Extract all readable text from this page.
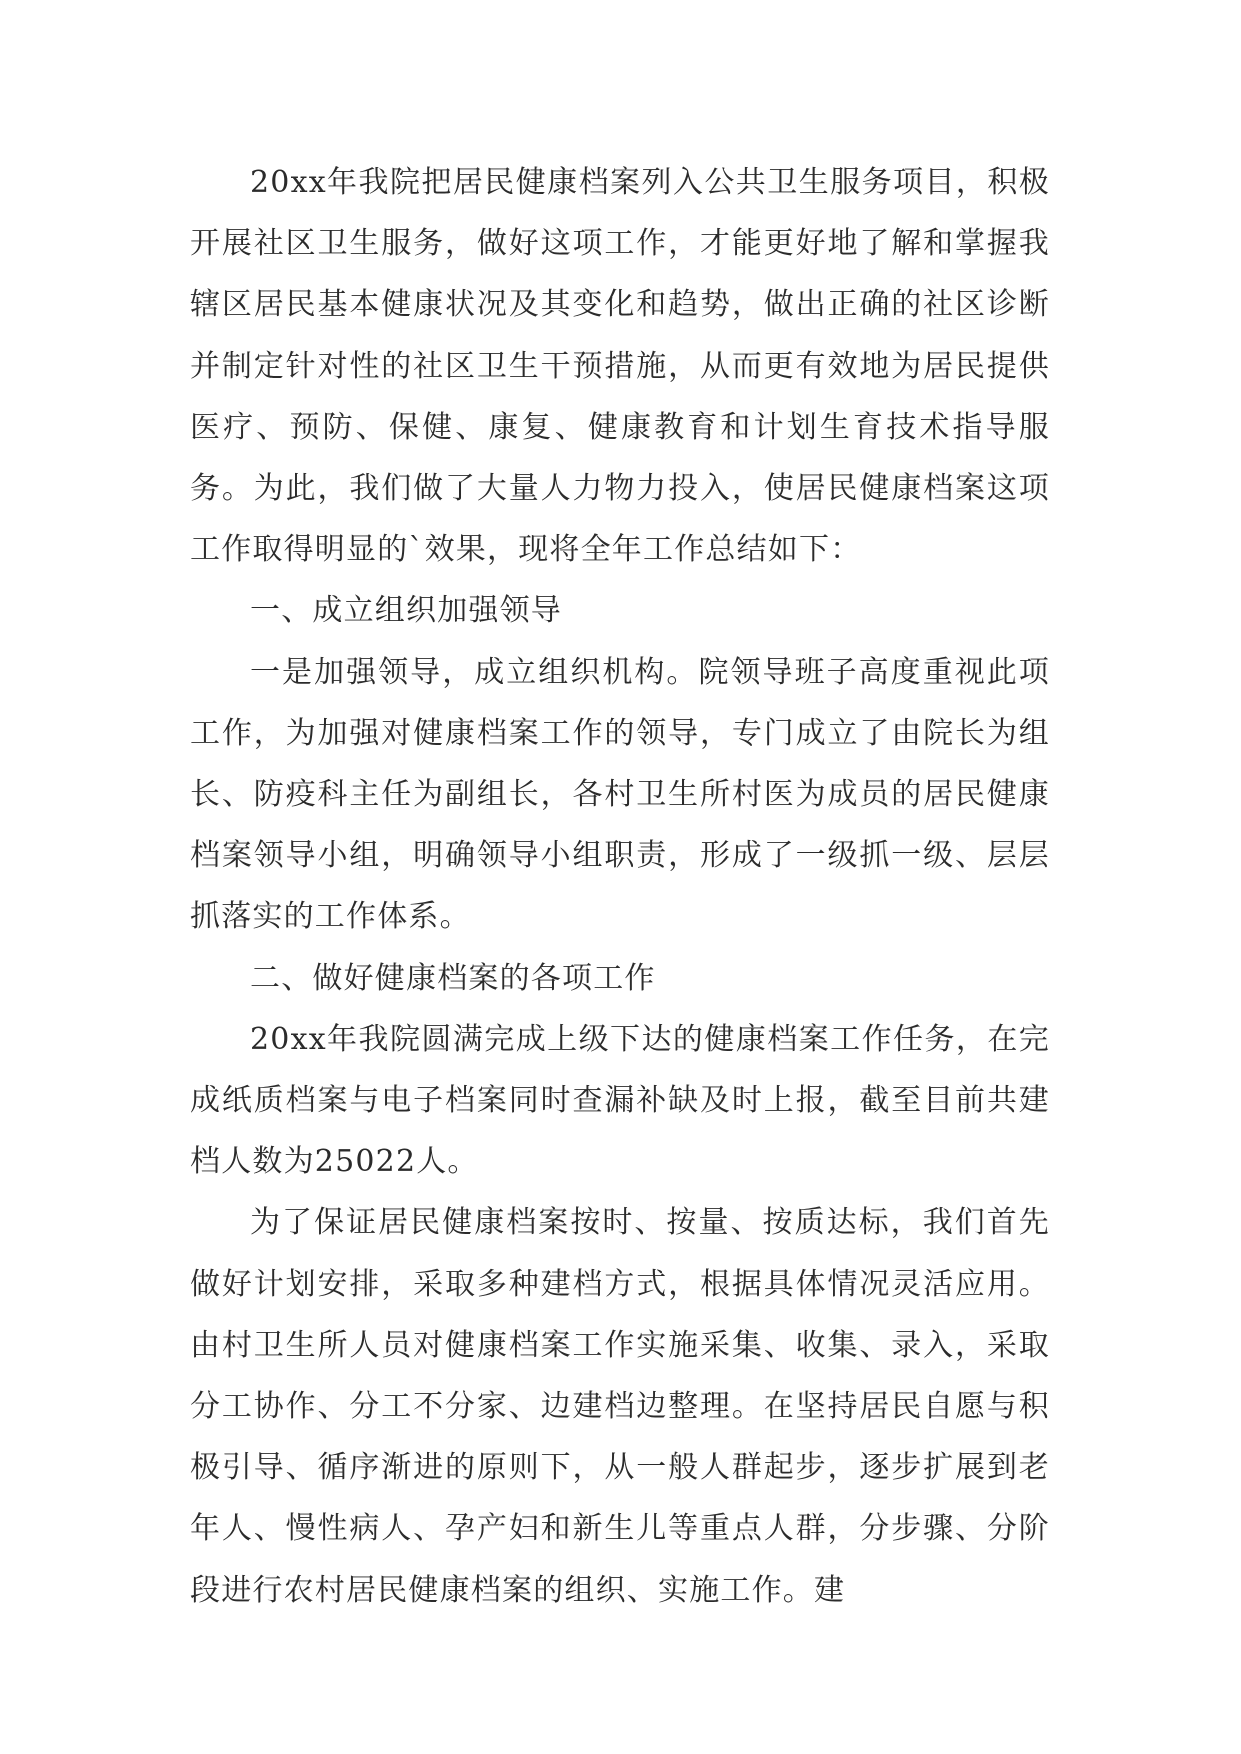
20xx年我院把居民健康档案列入公共卫生服务项目，积极开展社区卫生服务，做好这项工作，才能更好地了解和掌握我辖区居民基本健康状况及其变化和趋势，做出正确的社区诊断并制定针对性的社区卫生干预措施，从而更有效地为居民提供医疗、预防、保健、康复、健康教育和计划生育技术指导服务。为此，我们做了大量人力物力投入，使居民健康档案这项工作取得明显的`效果，现将全年工作总结如下：

一、成立组织加强领导

一是加强领导，成立组织机构。院领导班子高度重视此项工作，为加强对健康档案工作的领导，专门成立了由院长为组长、防疫科主任为副组长，各村卫生所村医为成员的居民健康档案领导小组，明确领导小组职责，形成了一级抓一级、层层抓落实的工作体系。

二、做好健康档案的各项工作

20xx年我院圆满完成上级下达的健康档案工作任务，在完成纸质档案与电子档案同时查漏补缺及时上报，截至目前共建档人数为25022人。

为了保证居民健康档案按时、按量、按质达标，我们首先做好计划安排，采取多种建档方式，根据具体情况灵活应用。由村卫生所人员对健康档案工作实施采集、收集、录入，采取分工协作、分工不分家、边建档边整理。在坚持居民自愿与积极引导、循序渐进的原则下，从一般人群起步，逐步扩展到老年人、慢性病人、孕产妇和新生儿等重点人群，分步骤、分阶段进行农村居民健康档案的组织、实施工作。建
